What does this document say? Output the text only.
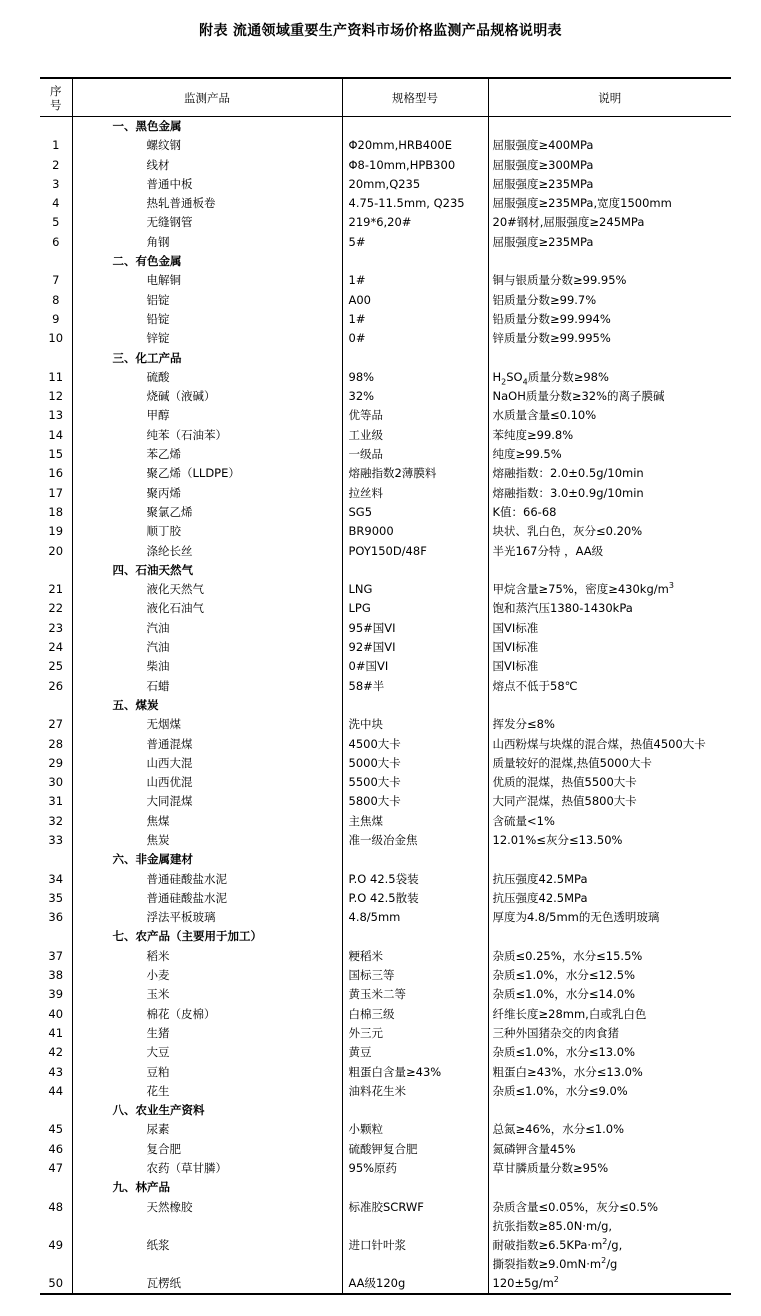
附表 流通领域重要生产资料市场价格监测产品规格说明表
序号	监测产品	规格型号	说明
	一、黑色金属		
1	螺纹钢	Φ20mm,HRB400E	屈服强度≥400MPa
2	线材	Φ8-10mm,HPB300	屈服强度≥300MPa
3	普通中板	20mm,Q235	屈服强度≥235MPa
4	热轧普通板卷	4.75-11.5mm, Q235	屈服强度≥235MPa,宽度1500mm
5	无缝钢管	219*6,20#	20#钢材,屈服强度≥245MPa
6	角钢	5#	屈服强度≥235MPa
	二、有色金属		
7	电解铜	1#	铜与银质量分数≥99.95%
8	铝锭	A00	铝质量分数≥99.7%
9	铅锭	1#	铅质量分数≥99.994%
10	锌锭	0#	锌质量分数≥99.995%
	三、化工产品		
11	硫酸	98%	$H_2SO_4$质量分数≥98%
12	烧碱（液碱）	32%	NaOH质量分数≥32%的离子膜碱
13	甲醇	优等品	水质量含量≤0.10%
14	纯苯（石油苯）	工业级	苯纯度≥99.8%
15	苯乙烯	一级品	纯度≥99.5%
16	聚乙烯（LLDPE）	熔融指数2薄膜料	熔融指数：2.0±0.5g/10min
17	聚丙烯	拉丝料	熔融指数：3.0±0.9g/10min
18	聚氯乙烯	SG5	K值：66-68
19	顺丁胶	BR9000	块状、乳白色，灰分≤0.20%
20	涤纶长丝	POY150D/48F	半光167分特 ，AA级
	四、石油天然气		
21	液化天然气	LNG	甲烷含量≥75%，密度$\ge 430kg/m^3$
22	液化石油气	LPG	饱和蒸汽压1380-1430kPa
23	汽油	95#国VI	国VI标准
24	汽油	92#国VI	国VI标准
25	柴油	0#国VI	国VI标准
26	石蜡	58#半	熔点不低于58℃
	五、煤炭		
27	无烟煤	洗中块	挥发分≤8%
28	普通混煤	4500大卡	山西粉煤与块煤的混合煤，热值4500大卡
29	山西大混	5000大卡	质量较好的混煤,热值5000大卡
30	山西优混	5500大卡	优质的混煤，热值5500大卡
31	大同混煤	5800大卡	大同产混煤，热值5800大卡
32	焦煤	主焦煤	含硫量<1%
33	焦炭	准一级冶金焦	12.01%≤灰分≤13.50%
	六、非金属建材		
34	普通硅酸盐水泥	P.O 42.5袋装	抗压强度42.5MPa
35	普通硅酸盐水泥	P.O 42.5散装	抗压强度42.5MPa
36	浮法平板玻璃	4.8/5mm	厚度为4.8/5mm的无色透明玻璃
	七、农产品（主要用于加工）		
37	稻米	粳稻米	杂质≤0.25%，水分≤15.5%
38	小麦	国标三等	杂质≤1.0%，水分≤12.5%
39	玉米	黄玉米二等	杂质≤1.0%，水分≤14.0%
40	棉花（皮棉）	白棉三级	纤维长度≥28mm,白或乳白色
41	生猪	外三元	三种外国猪杂交的肉食猪
42	大豆	黄豆	杂质≤1.0%，水分≤13.0%
43	豆粕	粗蛋白含量≥43%	粗蛋白≥43%，水分≤13.0%
44	花生	油料花生米	杂质≤1.0%，水分≤9.0%
	八、农业生产资料		
45	尿素	小颗粒	总氮≥46%，水分≤1.0%
46	复合肥	硫酸钾复合肥	氮磷钾含量45%
47	农药（草甘膦）	95%原药	草甘膦质量分数≥95%
	九、林产品		
48	天然橡胶	标准胶SCRWF	杂质含量≤0.05%，灰分≤0.5%
49	纸浆	进口针叶浆	抗张指数≥85.0N·m/g,
耐破指数$\ge 6.5KPa\cdot m^2/g$,
撕裂指数$\ge 9.0mN\cdot m^2/g$

50	瓦楞纸	AA级120g	$120\pm 5g/m^2$
